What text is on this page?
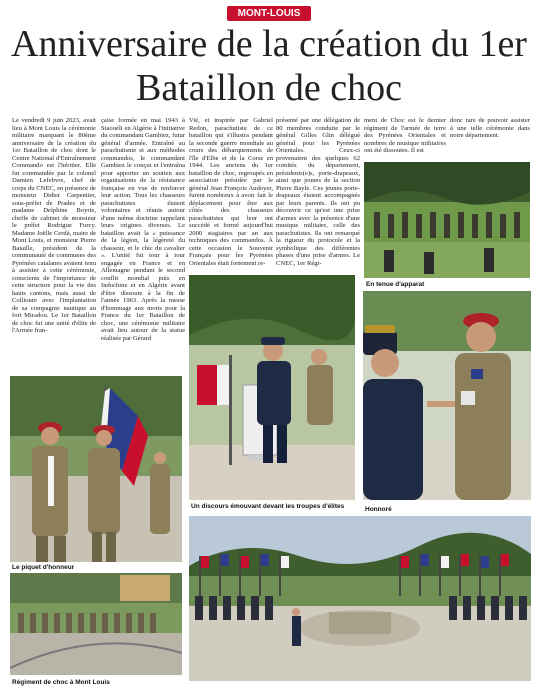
MONT-LOUIS
Anniversaire de la création du 1er
Bataillon de choc
Le vendredi 9 juin 2023, avait lieu à Mont Louis la cérémonie militaire marquant le 80ème anniversaire de la création du 1er Bataillon de choc dont le Centre National d'Entraînement Commando est l'héritier. Elle fut commandée par le colonel Damien Lefebvre, chef de corps du CNEC, en présence de monsieur Didier Carpentier, sous-préfet de Prades et de madame Delphine Boyrie, cheffe de cabinet de monsieur le préfet Rodrigue Furcy. Madame Joëlle Cerdà, maire de Mont Louis, et monsieur Pierre Bataille, président de la communauté de communes des Pyrénées catalanes avaient tenu à assister à cette cérémonie, conscients de l'importance de cette structure pour la vie des hauts cantons, mais aussi de Collioure avec l'implantation de sa compagnie nautique au fort Miradou. Le 1er Bataillon de choc fut une unité d'élite de l'Armée fran-
çaise formée en mai 1943 à Staouéli en Algérie à l'initiative du commandant Gambiez, futur général d'armée. Entraîné au parachutisme et aux méthodes commandos, le commandant Gambiez le conçut et l'entraîna pour apporter un soutien aux organisations de la résistance française en vue de renforcer leur action. Tous les chasseurs parachutistes étaient volontaires et réunis autour d'une même doctrine rappelant leurs origines diverses. Le bataillon avait la « puissance de la légion, la légèreté du chasseur, et le chic du cavalier ». L'unité fut tour à tour engagée en France et en Allemagne pendant le second conflit mondial puis en Indochine et en Algérie avant d'être dissoute à la fin de l'année 1963. Après la messe d'hommage aux morts pour la France du 1er Bataillon de choc, une cérémonie militaire avait lieu autour de la statue réalisée par Gérard
Vié, et inspirée par Gabriel Redon, parachutiste de ce bataillon qui s'illustra pendant la seconde guerre mondiale au cours des débarquements de l'île d'Elbe et de la Corse en 1944. Les anciens du 1er bataillon de choc, regroupés en association présidée par le général Jean François Audoyer, furent nombreux à avoir fait le déplacement pour être aux côtés des chasseurs parachutistes qui leur ont succédé et formé aujourd'hui 2000 stagiaires par an aux techniques des commandos. À cette occasion le Souvenir Français pour les Pyrénées Orientales était fortement re-
présenté par une délégation de 80 membres conduite par le général Gilles Glin délégué général pour les Pyrénées Orientales. Ceux-ci provenaient des quelques 62 comités du département, présidents(e)s, porte-drapeaux, ainsi que jeunes de la section Pierre Bayle. Ces jeunes porte-drapeaux étaient accompagnés par leurs parents. Ils ont pu découvrir ce qu'est une prise d'armes avec la présence d'une musique militaire, celle des parachutistes. Ils ont remarqué la rigueur du protocole et la symbolique des différentes phases d'une prise d'armes. Le CNEC, 1er Régi-
ment de Choc est le dernier régiment de l'armée de terre des Pyrénées Orientales et nombres de musique militaires ont été dissoutes. Il est
donc rare de pouvoir assister à une telle cérémonie dans notre département.
Le piquet d'honneur
Régiment de choc à Mont Louis
En tenue d'apparat
Un discours émouvant devant les troupes d'élites	Honnoré
